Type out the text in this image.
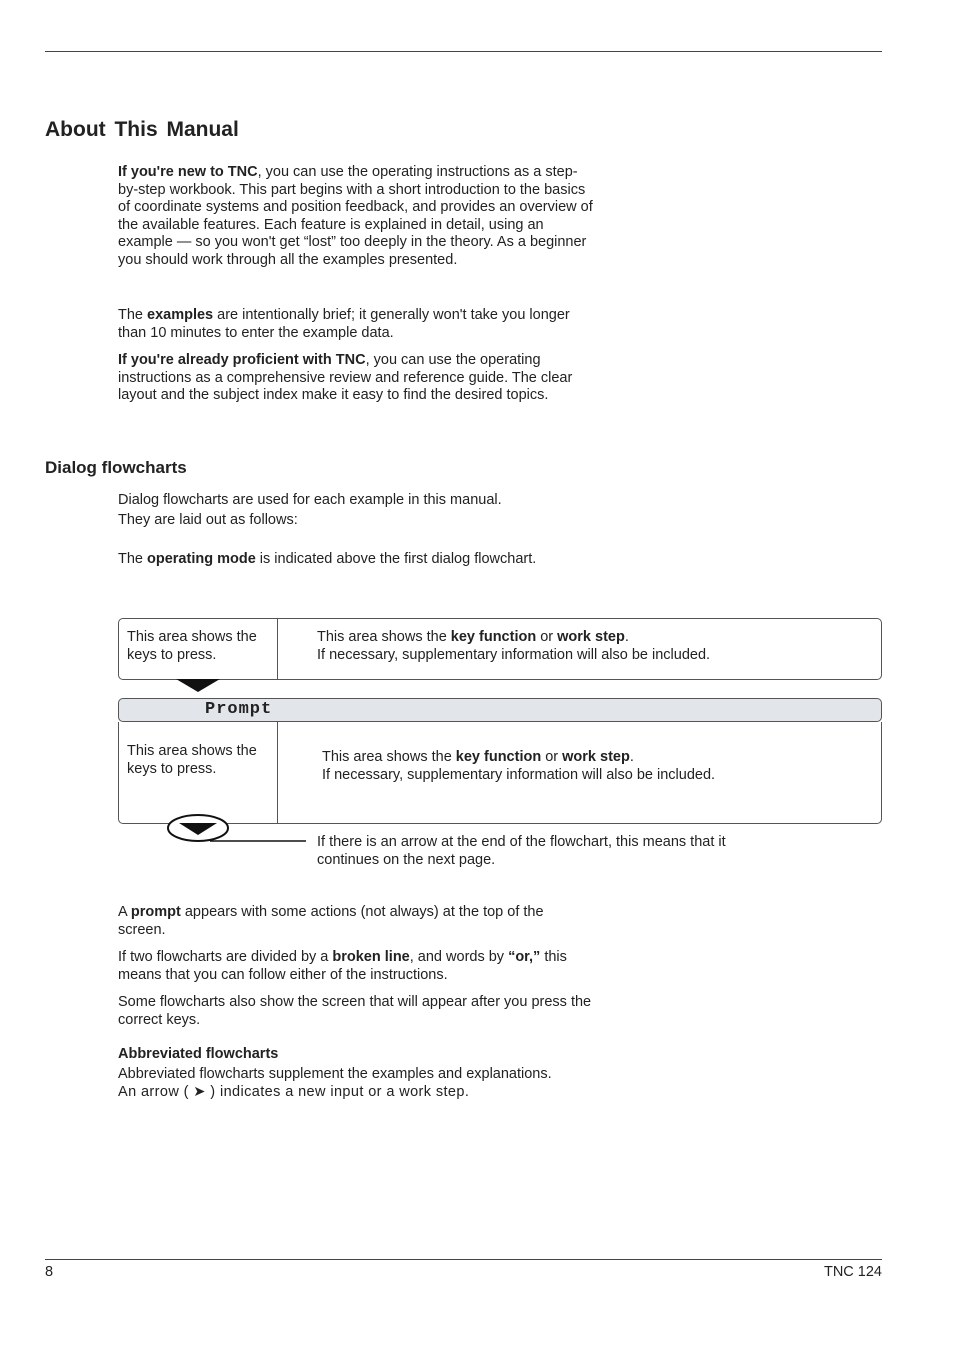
About This Manual
If you're new to TNC, you can use the operating instructions as a step-by-step workbook. This part begins with a short introduction to the basics of coordinate systems and position feedback, and provides an overview of the available features. Each feature is explained in detail, using an example — so you won't get “lost” too deeply in the theory. As a beginner you should work through all the examples presented.
The examples are intentionally brief; it generally won't take you longer than 10 minutes to enter the example data.
If you're already proficient with TNC, you can use the operating instructions as a comprehensive review and reference guide. The clear layout and the subject index make it easy to find the desired topics.
Dialog flowcharts
Dialog flowcharts are used for each example in this manual.
They are laid out as follows:
The operating mode is indicated above the first dialog flowchart.
This area shows the keys to press.
This area shows the key function or work step.
If necessary, supplementary information will also be included.
Prompt
This area shows the keys to press.
This area shows the key function or work step.
If necessary, supplementary information will also be included.
If there is an arrow at the end of the flowchart, this means that it continues on the next page.
A prompt appears with some actions (not always) at the top of the screen.
If two flowcharts are divided by a broken line, and words by “or,” this means that you can follow either of the instructions.
Some flowcharts also show the screen that will appear after you press the correct keys.
Abbreviated flowcharts
Abbreviated flowcharts supplement the examples and explanations.
An arrow ( ➤ ) indicates a new input or a work step.
8	TNC 124
